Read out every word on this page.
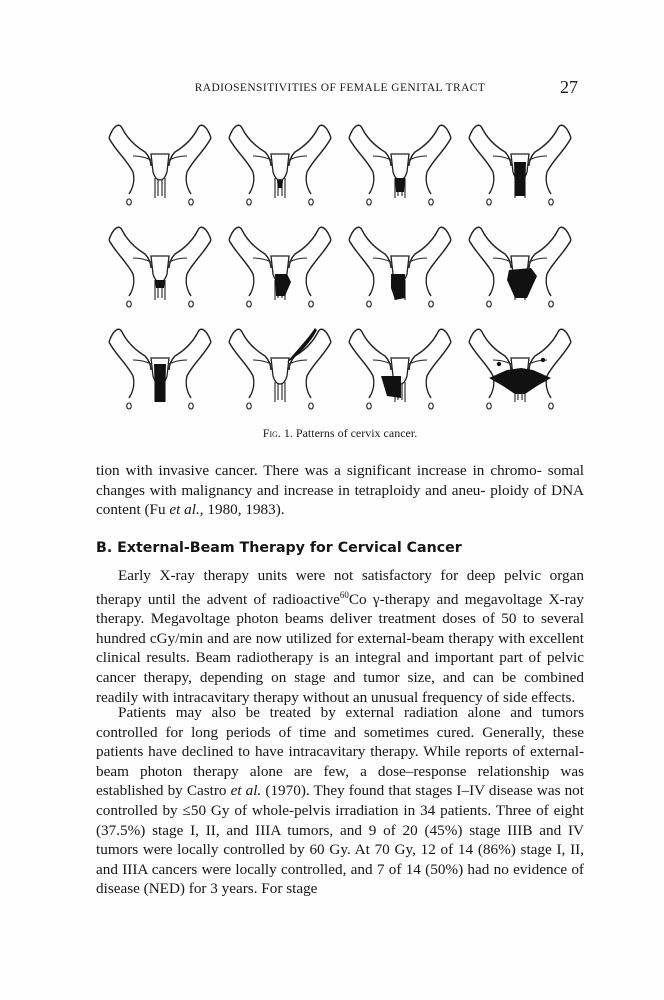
RADIOSENSITIVITIES OF FEMALE GENITAL TRACT	27
Fig. 1. Patterns of cervix cancer.

tion with invasive cancer. There was a significant increase in chromo- somal changes with malignancy and increase in tetraploidy and aneu- ploidy of DNA content (Fu et al., 1980, 1983).

B. External-Beam Therapy for Cervical Cancer

Early X-ray therapy units were not satisfactory for deep pelvic organ therapy until the advent of radioactive$^{60}$Co γ-therapy and megavoltage X-ray therapy. Megavoltage photon beams deliver treatment doses of 50 to several hundred cGy/min and are now utilized for external-beam therapy with excellent clinical results. Beam radiotherapy is an integral and important part of pelvic cancer therapy, depending on stage and tumor size, and can be combined readily with intracavitary therapy without an unusual frequency of side effects.

Patients may also be treated by external radiation alone and tumors controlled for long periods of time and sometimes cured. Generally, these patients have declined to have intracavitary therapy. While reports of external-beam photon therapy alone are few, a dose–response relationship was established by Castro et al. (1970). They found that stages I–IV disease was not controlled by ≤50 Gy of whole-pelvis irradiation in 34 patients. Three of eight (37.5%) stage I, II, and IIIA tumors, and 9 of 20 (45%) stage IIIB and IV tumors were locally controlled by 60 Gy. At 70 Gy, 12 of 14 (86%) stage I, II, and IIIA cancers were locally controlled, and 7 of 14 (50%) had no evidence of disease (NED) for 3 years. For stage
